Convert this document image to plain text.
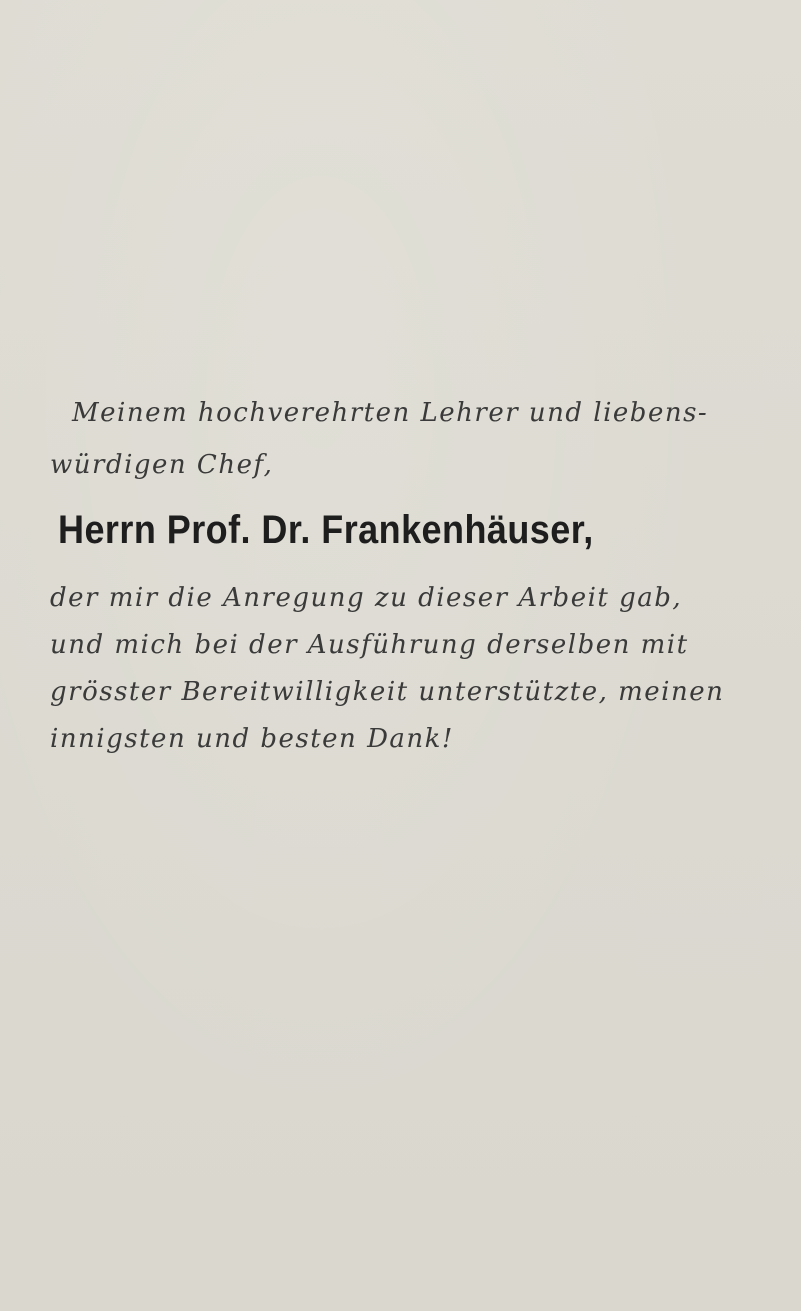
Meinem hochverehrten Lehrer und liebens-

würdigen Chef,

Herrn Prof. Dr. Frankenhäuser,

der mir die Anregung zu dieser Arbeit gab,

und mich bei der Ausführung derselben mit

grösster Bereitwilligkeit unterstützte, meinen

innigsten und besten Dank!
